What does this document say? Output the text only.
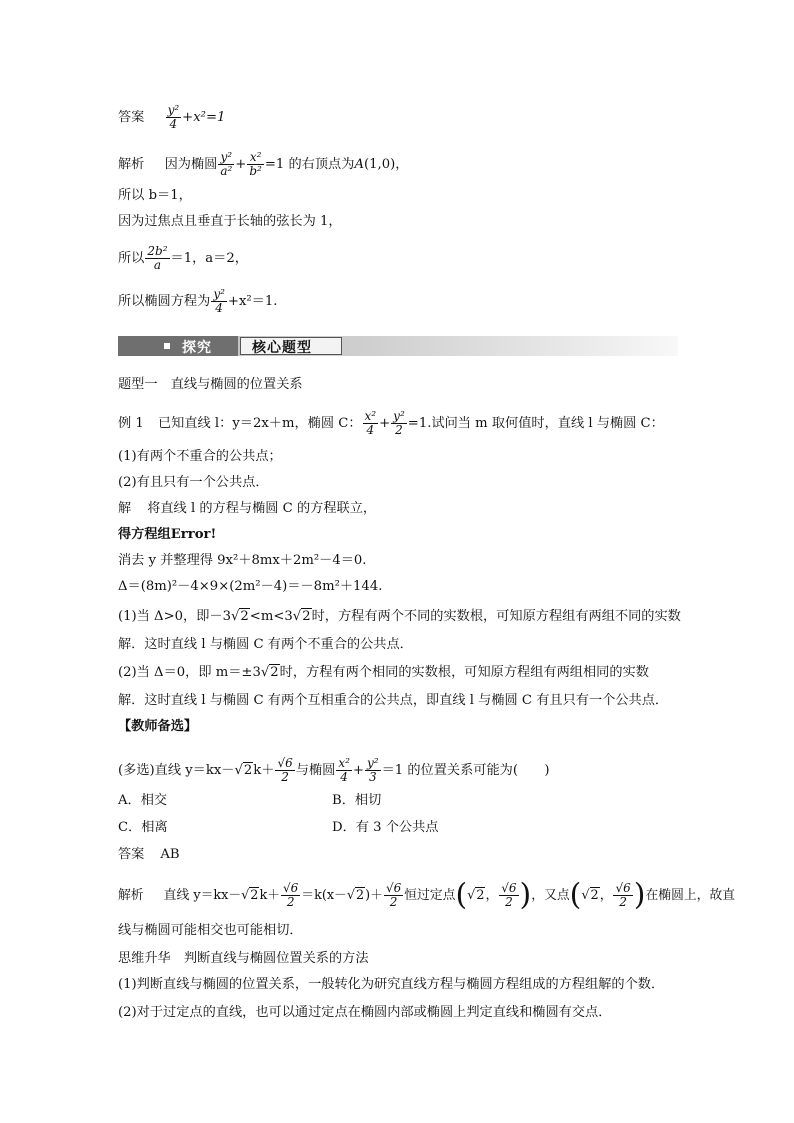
答案 $\frac{\text{y²}}{4} +x^2=1$
解析 因为椭圆 $\frac{\text{y²}}{\text{a²}} + \frac{\text{x²}}{\text{b²}} =1$ 的右顶点为A(1,0)，
所以 b＝1，
因为过焦点且垂直于长轴的弦长为 1，
所以 $\frac{\text{2b²}}{a} =1$，a＝2，
所以椭圆方程为 $\frac{\text{y²}}{4} +x^2=1$.
探究	核心题型
题型一　直线与椭圆的位置关系
例 1 已知直线 l：y＝2x＋m，椭圆 C： $\frac{\text{x²}}{4} + \frac{\text{y²}}{2} =1$.试问当 m 取何值时，直线 l 与椭圆 C：
(1)有两个不重合的公共点；
(2)有且只有一个公共点．
解 将直线 l 的方程与椭圆 C 的方程联立，
得方程组Error!
消去 y 并整理得 9x²＋8mx＋2m²－4＝0.
Δ＝(8m)²－4×9×(2m²－4)＝－8m²＋144.
(1)当 Δ>0，即－3√2<m<3√2时，方程有两个不同的实数根，可知原方程组有两组不同的实数
解．这时直线 l 与椭圆 C 有两个不重合的公共点．
(2)当 Δ＝0，即 m＝±3√2时，方程有两个相同的实数根，可知原方程组有两组相同的实数
解．这时直线 l 与椭圆 C 有两个互相重合的公共点，即直线 l 与椭圆 C 有且只有一个公共点．
【教师备选】
(多选)直线 $y=kx-√2k+ \frac{√6}{2}$ 与椭圆 $\frac{\text{x²}}{4} + \frac{\text{y²}}{3} =1$ 的位置关系可能为(　　)
A．相交	B．相切
C．相离	D．有 3 个公共点
答案 AB
解析 直线 $y=kx-√2k+ \frac{√6}{2} =k(x-√2)+ \frac{√6}{2}$ 恒过定点(√2， $\frac{√6}{2}$ )，又点(√2， $\frac{√6}{2}$ )在椭圆上，故直
线与椭圆可能相交也可能相切．
思维升华　判断直线与椭圆位置关系的方法
(1)判断直线与椭圆的位置关系，一般转化为研究直线方程与椭圆方程组成的方程组解的个数．
(2)对于过定点的直线，也可以通过定点在椭圆内部或椭圆上判定直线和椭圆有交点．
